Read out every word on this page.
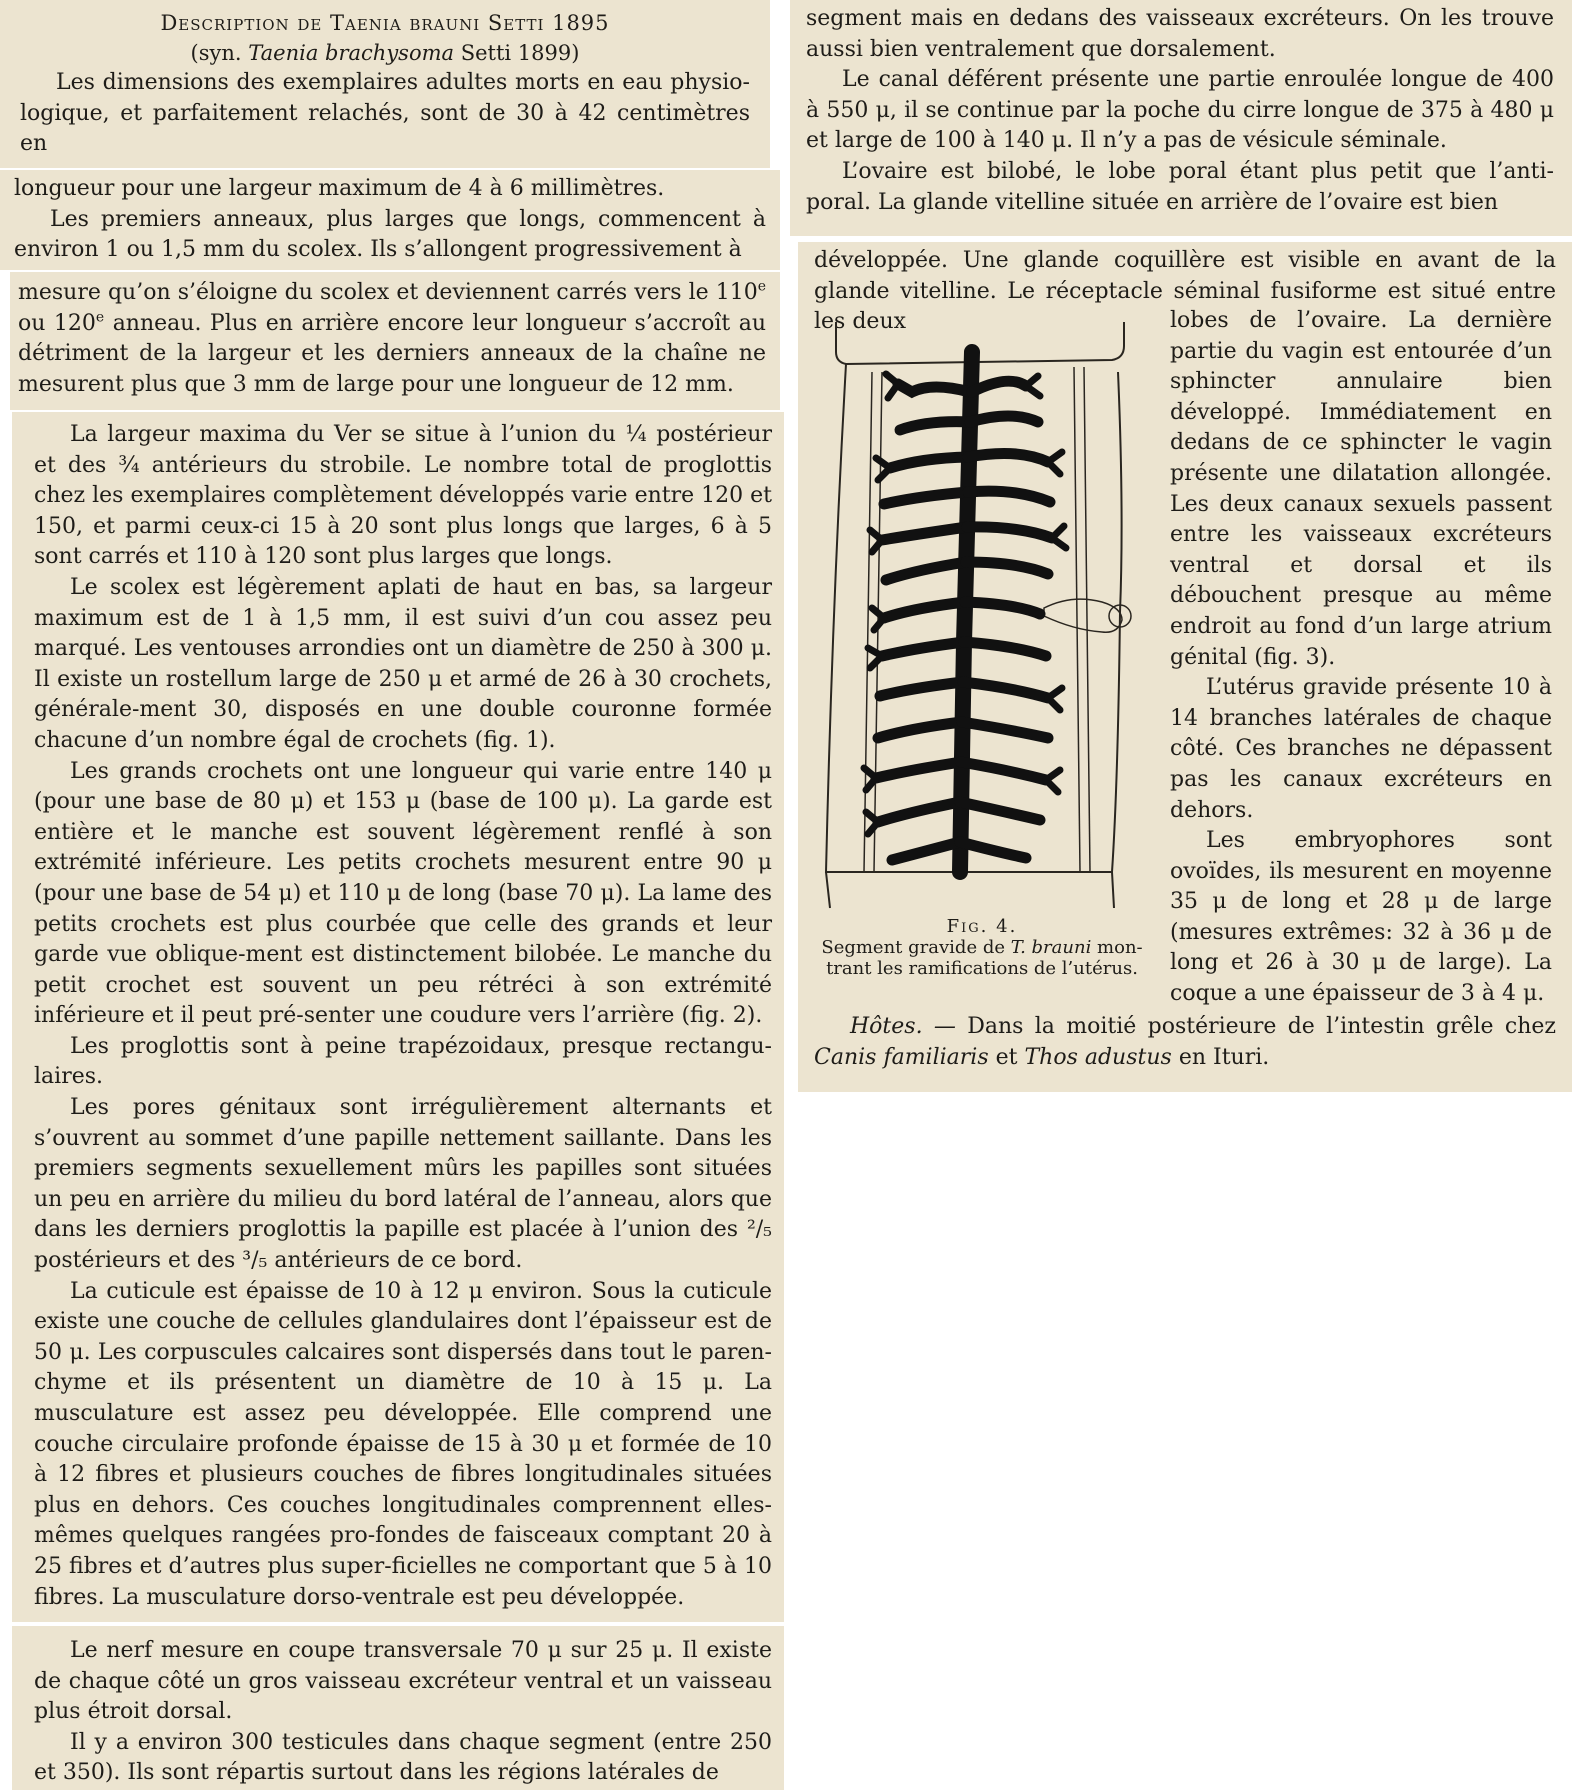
Description de Taenia brauni Setti 1895
(syn. Taenia brachysoma Setti 1899)

Les dimensions des exemplaires adultes morts en eau physio-logique, et parfaitement relachés, sont de 30 à 42 centimètres en

longueur pour une largeur maximum de 4 à 6 millimètres.

Les premiers anneaux, plus larges que longs, commencent à environ 1 ou 1,5 mm du scolex. Ils s’allongent progressivement à

mesure qu’on s’éloigne du scolex et deviennent carrés vers le 110e ou 120e anneau. Plus en arrière encore leur longueur s’accroît au détriment de la largeur et les derniers anneaux de la chaîne ne mesurent plus que 3 mm de large pour une longueur de 12 mm.

La largeur maxima du Ver se situe à l’union du ¼ postérieur et des ¾ antérieurs du strobile. Le nombre total de proglottis chez les exemplaires complètement développés varie entre 120 et 150, et parmi ceux-ci 15 à 20 sont plus longs que larges, 6 à 5 sont carrés et 110 à 120 sont plus larges que longs.

Le scolex est légèrement aplati de haut en bas, sa largeur maximum est de 1 à 1,5 mm, il est suivi d’un cou assez peu marqué. Les ventouses arrondies ont un diamètre de 250 à 300 μ. Il existe un rostellum large de 250 μ et armé de 26 à 30 crochets, générale-ment 30, disposés en une double couronne formée chacune d’un nombre égal de crochets (fig. 1).

Les grands crochets ont une longueur qui varie entre 140 μ (pour une base de 80 μ) et 153 μ (base de 100 μ). La garde est entière et le manche est souvent légèrement renflé à son extrémité inférieure. Les petits crochets mesurent entre 90 μ (pour une base de 54 μ) et 110 μ de long (base 70 μ). La lame des petits crochets est plus courbée que celle des grands et leur garde vue oblique-ment est distinctement bilobée. Le manche du petit crochet est souvent un peu rétréci à son extrémité inférieure et il peut pré-senter une coudure vers l’arrière (fig. 2).

Les proglottis sont à peine trapézoidaux, presque rectangu-laires.

Les pores génitaux sont irrégulièrement alternants et s’ouvrent au sommet d’une papille nettement saillante. Dans les premiers segments sexuellement mûrs les papilles sont situées un peu en arrière du milieu du bord latéral de l’anneau, alors que dans les derniers proglottis la papille est placée à l’union des ²/₅ postérieurs et des ³/₅ antérieurs de ce bord.

La cuticule est épaisse de 10 à 12 μ environ. Sous la cuticule existe une couche de cellules glandulaires dont l’épaisseur est de 50 μ. Les corpuscules calcaires sont dispersés dans tout le paren-chyme et ils présentent un diamètre de 10 à 15 μ. La musculature est assez peu développée. Elle comprend une couche circulaire profonde épaisse de 15 à 30 μ et formée de 10 à 12 fibres et plusieurs couches de fibres longitudinales situées plus en dehors. Ces couches longitudinales comprennent elles-mêmes quelques rangées pro-fondes de faisceaux comptant 20 à 25 fibres et d’autres plus super-ficielles ne comportant que 5 à 10 fibres. La musculature dorso-ventrale est peu développée.

Le nerf mesure en coupe transversale 70 μ sur 25 μ. Il existe de chaque côté un gros vaisseau excréteur ventral et un vaisseau plus étroit dorsal.

Il y a environ 300 testicules dans chaque segment (entre 250 et 350). Ils sont répartis surtout dans les régions latérales de

segment mais en dedans des vaisseaux excréteurs. On les trouve aussi bien ventralement que dorsalement.

Le canal déférent présente une partie enroulée longue de 400 à 550 μ, il se continue par la poche du cirre longue de 375 à 480 μ et large de 100 à 140 μ. Il n’y a pas de vésicule séminale.

L’ovaire est bilobé, le lobe poral étant plus petit que l’anti-poral. La glande vitelline située en arrière de l’ovaire est bien

développée. Une glande coquillère est visible en avant de la glande vitelline. Le réceptacle séminal fusiforme est situé entre les deux

Fig. 4.
Segment gravide de T. brauni mon-trant les ramifications de l’utérus.

lobes de l’ovaire. La dernière partie du vagin est entourée d’un sphincter annulaire bien développé. Immédiatement en dedans de ce sphincter le vagin présente une dilatation allongée. Les deux canaux sexuels passent entre les vaisseaux excréteurs ventral et dorsal et ils débouchent presque au même endroit au fond d’un large atrium génital (fig. 3).

L’utérus gravide présente 10 à 14 branches latérales de chaque côté. Ces branches ne dépassent pas les canaux excréteurs en dehors.

Les embryophores sont ovoïdes, ils mesurent en moyenne 35 μ de long et 28 μ de large (mesures extrêmes: 32 à 36 μ de long et 26 à 30 μ de large). La coque a une épaisseur de 3 à 4 μ.

Hôtes. — Dans la moitié postérieure de l’intestin grêle chez Canis familiaris et Thos adustus en Ituri.
